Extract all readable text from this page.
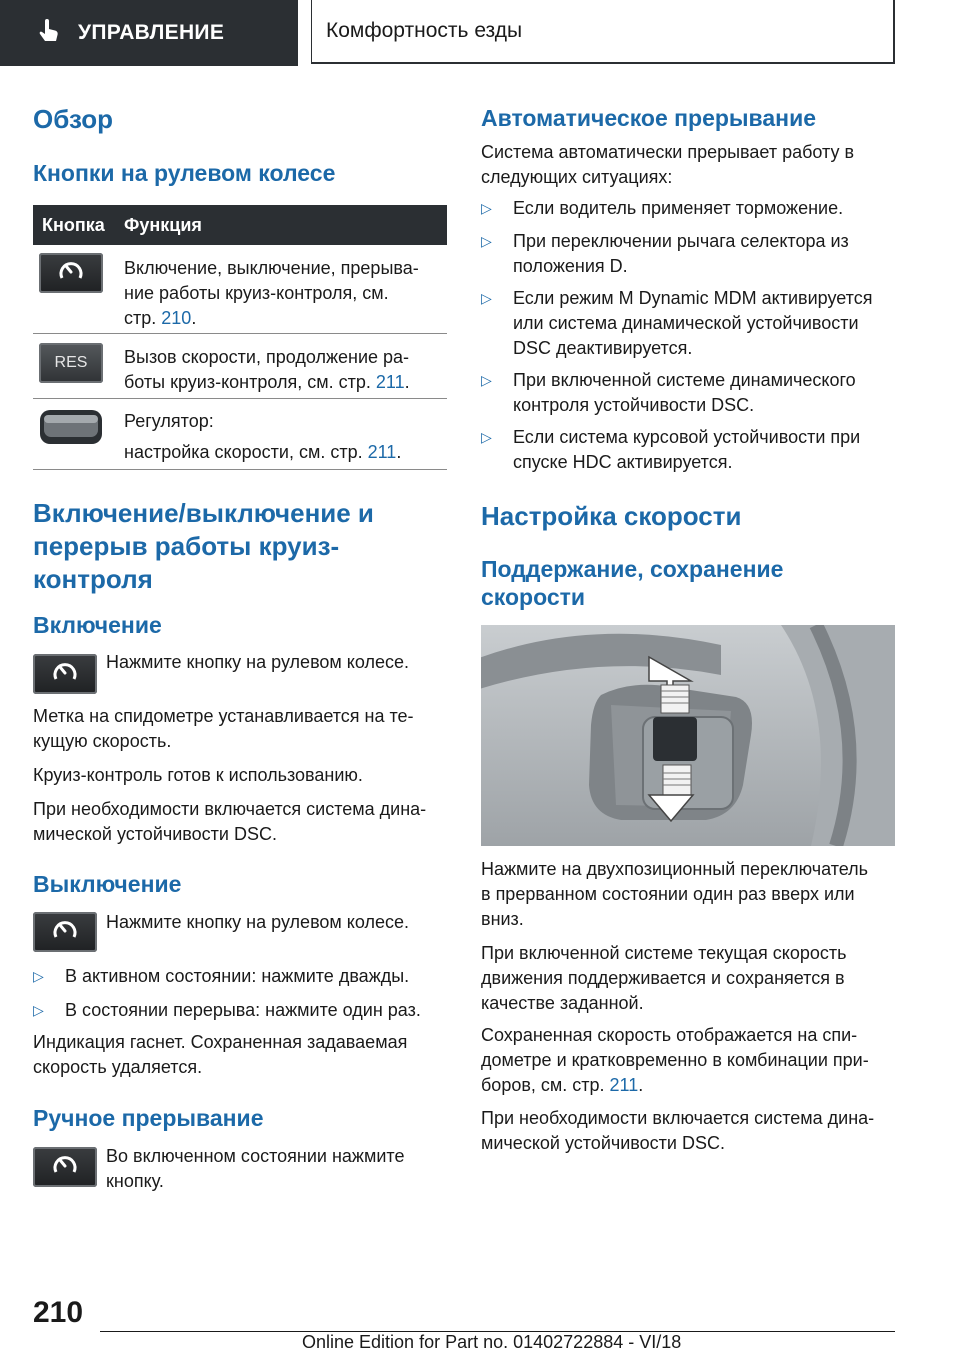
УПРАВЛЕНИЕ	Комфортность езды
Обзор
Кнопки на рулевом колесе
Кнопка Функция
Включение, выключение, прерыва-
ние работы круиз-контроля, см.
стр. 210.
RES Вызов скорости, продолжение ра-
боты круиз-контроля, см. стр. 211.
Регулятор:
настройка скорости, см. стр. 211.
Включение/выключение и
перерыв работы круиз-
контроля
Включение
Нажмите кнопку на рулевом колесе.
Метка на спидометре устанавливается на те-
кущую скорость.
Круиз-контроль готов к использованию.
При необходимости включается система дина-
мической устойчивости DSC.
Выключение
Нажмите кнопку на рулевом колесе.
▷	В активном состоянии: нажмите дважды.
▷	В состоянии перерыва: нажмите один раз.
Индикация гаснет. Сохраненная задаваемая
скорость удаляется.
Ручное прерывание
Во включенном состоянии нажмите
кнопку.
Автоматическое прерывание
Система автоматически прерывает работу в
следующих ситуациях:
▷	Если водитель применяет торможение.
▷	При переключении рычага селектора из
положения D.
▷	Если режим M Dynamic MDM активируется
или система динамической устойчивости
DSC деактивируется.
▷	При включенной системе динамического
контроля устойчивости DSC.
▷	Если система курсовой устойчивости при
спуске HDC активируется.
Настройка скорости
Поддержание, сохранение
скорости
Нажмите на двухпозиционный переключатель
в прерванном состоянии один раз вверх или
вниз.
При включенной системе текущая скорость
движения поддерживается и сохраняется в
качестве заданной.
Сохраненная скорость отображается на спи-
дометре и кратковременно в комбинации при-
боров, см. стр. 211.
При необходимости включается система дина-
мической устойчивости DSC.
210
Online Edition for Part no. 01402722884 - VI/18
